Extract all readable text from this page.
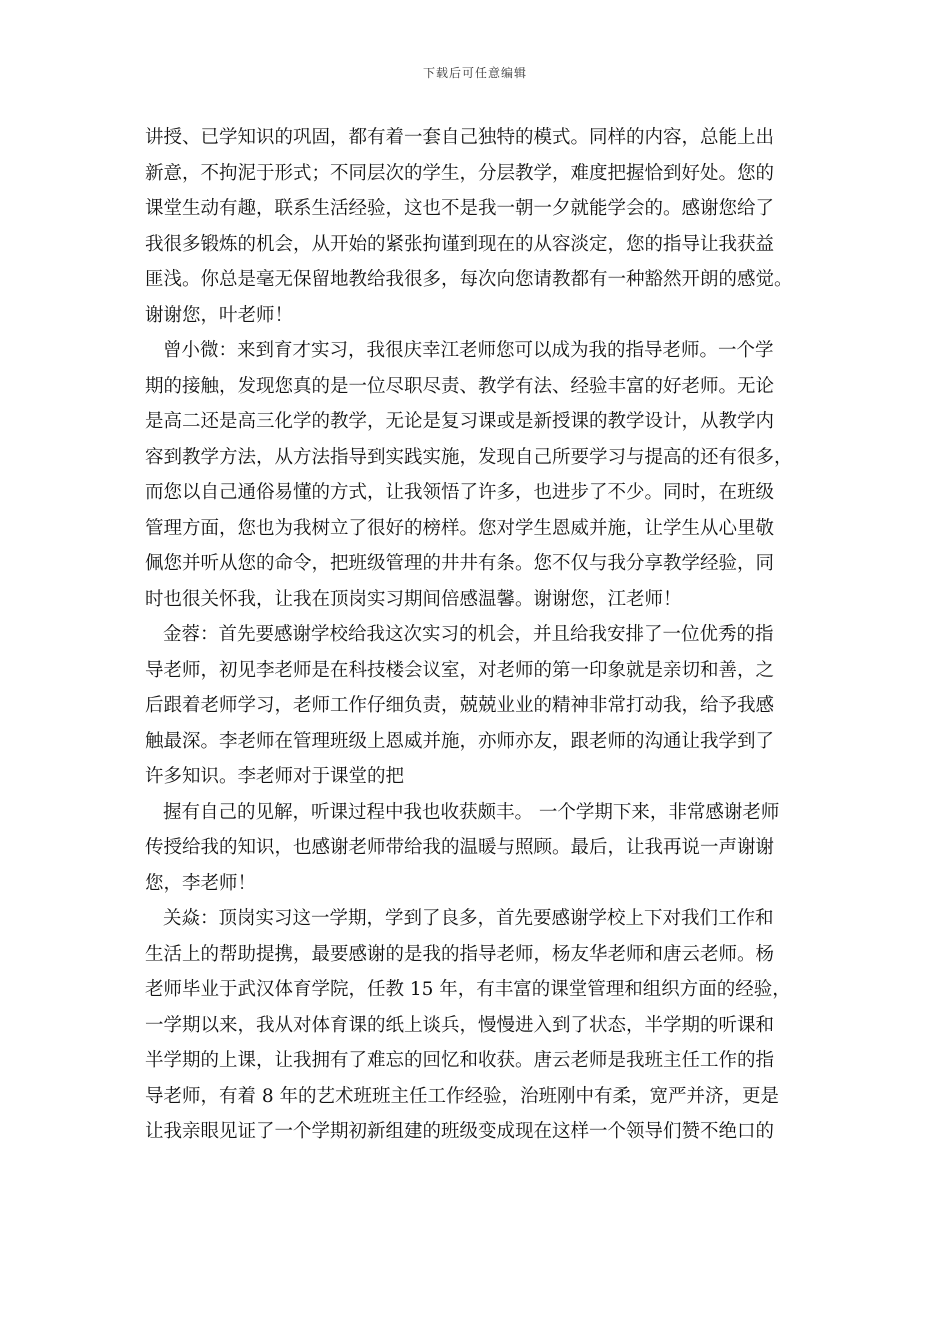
下载后可任意编辑
讲授、已学知识的巩固，都有着一套自己独特的模式。同样的内容，总能上出
新意，不拘泥于形式；不同层次的学生，分层教学，难度把握恰到好处。您的
课堂生动有趣，联系生活经验，这也不是我一朝一夕就能学会的。感谢您给了
我很多锻炼的机会，从开始的紧张拘谨到现在的从容淡定，您的指导让我获益
匪浅。你总是毫无保留地教给我很多，每次向您请教都有一种豁然开朗的感觉。
谢谢您，叶老师！
曾小微：来到育才实习，我很庆幸江老师您可以成为我的指导老师。一个学
期的接触，发现您真的是一位尽职尽责、教学有法、经验丰富的好老师。无论
是高二还是高三化学的教学，无论是复习课或是新授课的教学设计，从教学内
容到教学方法，从方法指导到实践实施，发现自己所要学习与提高的还有很多，
而您以自己通俗易懂的方式，让我领悟了许多，也进步了不少。同时，在班级
管理方面，您也为我树立了很好的榜样。您对学生恩威并施，让学生从心里敬
佩您并听从您的命令，把班级管理的井井有条。您不仅与我分享教学经验，同
时也很关怀我，让我在顶岗实习期间倍感温馨。谢谢您，江老师！
金蓉：首先要感谢学校给我这次实习的机会，并且给我安排了一位优秀的指
导老师，初见李老师是在科技楼会议室，对老师的第一印象就是亲切和善，之
后跟着老师学习，老师工作仔细负责，兢兢业业的精神非常打动我，给予我感
触最深。李老师在管理班级上恩威并施，亦师亦友，跟老师的沟通让我学到了
许多知识。李老师对于课堂的把
握有自己的见解，听课过程中我也收获颇丰。 一个学期下来，非常感谢老师
传授给我的知识，也感谢老师带给我的温暖与照顾。最后，让我再说一声谢谢
您，李老师！
关焱：顶岗实习这一学期，学到了良多，首先要感谢学校上下对我们工作和
生活上的帮助提携，最要感谢的是我的指导老师，杨友华老师和唐云老师。杨
老师毕业于武汉体育学院，任教 15 年，有丰富的课堂管理和组织方面的经验，
一学期以来，我从对体育课的纸上谈兵，慢慢进入到了状态，半学期的听课和
半学期的上课，让我拥有了难忘的回忆和收获。唐云老师是我班主任工作的指
导老师，有着 8 年的艺术班班主任工作经验，治班刚中有柔，宽严并济，更是
让我亲眼见证了一个学期初新组建的班级变成现在这样一个领导们赞不绝口的
